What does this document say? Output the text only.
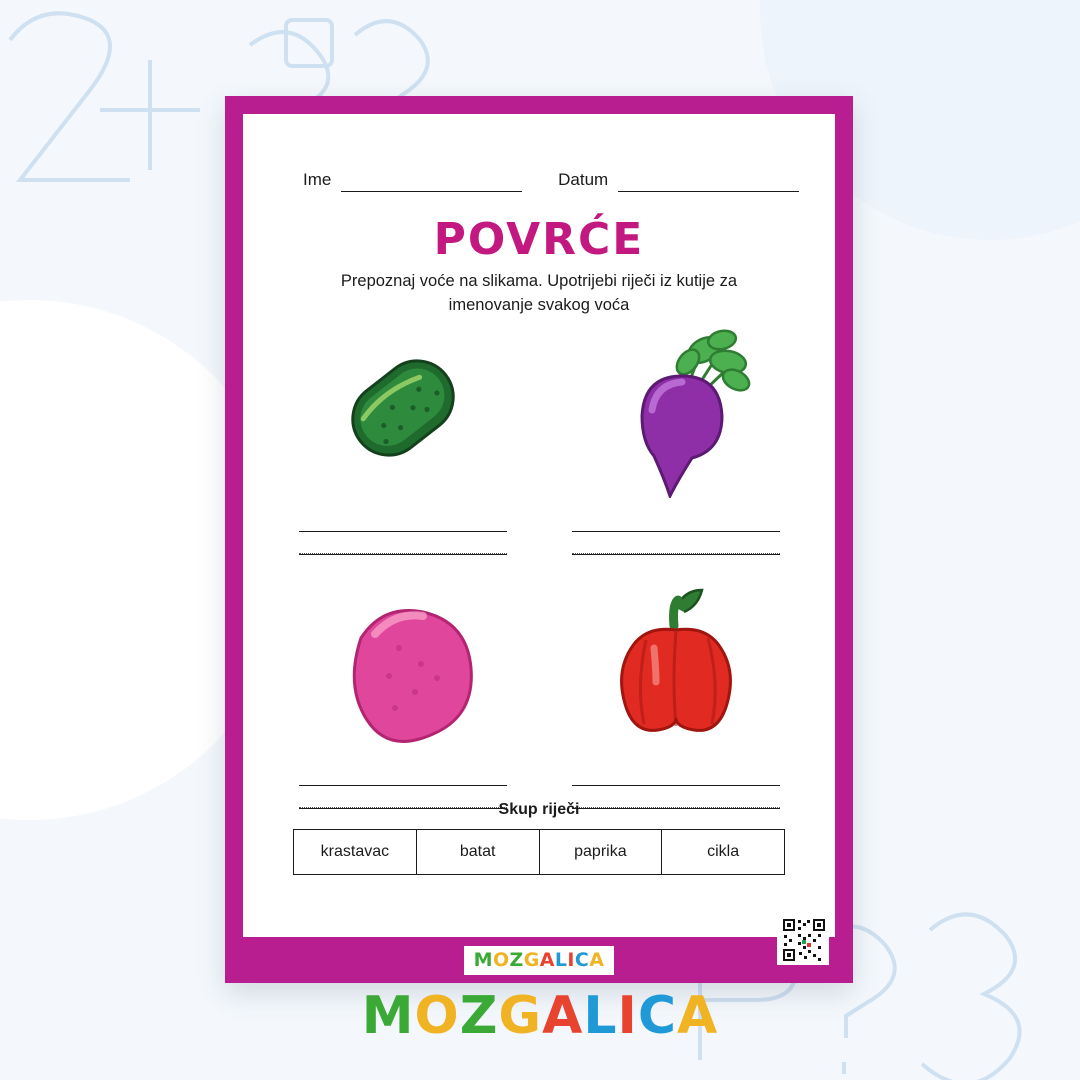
Ime	Datum
POVRĆE
Prepoznaj voće na slikama. Upotrijebi riječi iz kutije za imenovanje svakog voća
Skup riječi
krastavac	batat	paprika	cikla
MOZGALICA
MOZGALICA
